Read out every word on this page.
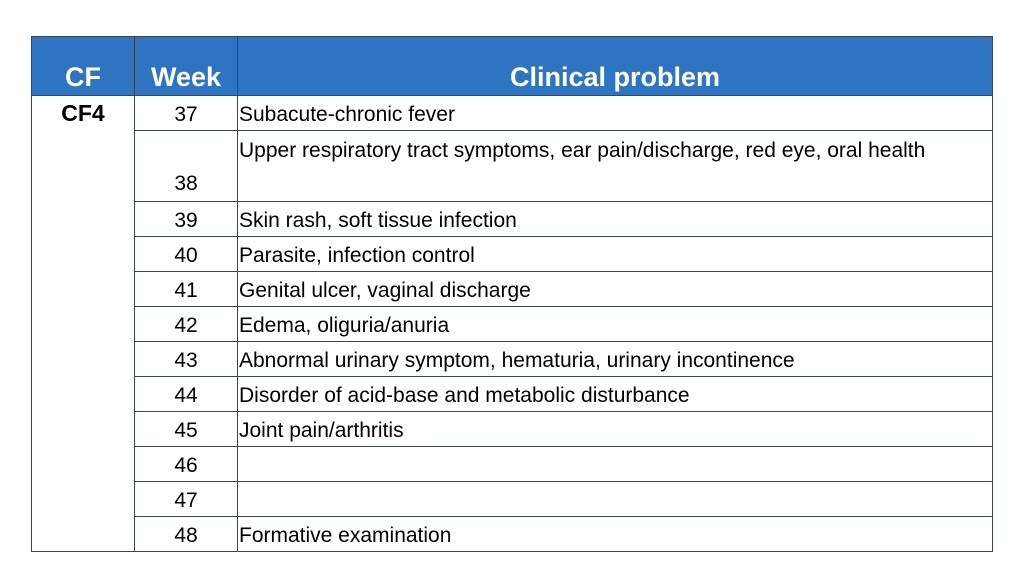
CF	Week	Clinical problem

CF4	37	Subacute-chronic fever
	38	Upper respiratory tract symptoms, ear pain/discharge, red eye, oral health
	39	Skin rash, soft tissue infection
	40	Parasite, infection control
	41	Genital ulcer, vaginal discharge
	42	Edema, oliguria/anuria
	43	Abnormal urinary symptom, hematuria, urinary incontinence
	44	Disorder of acid-base and metabolic disturbance
	45	Joint pain/arthritis
	46	
	47	
	48	Formative examination
